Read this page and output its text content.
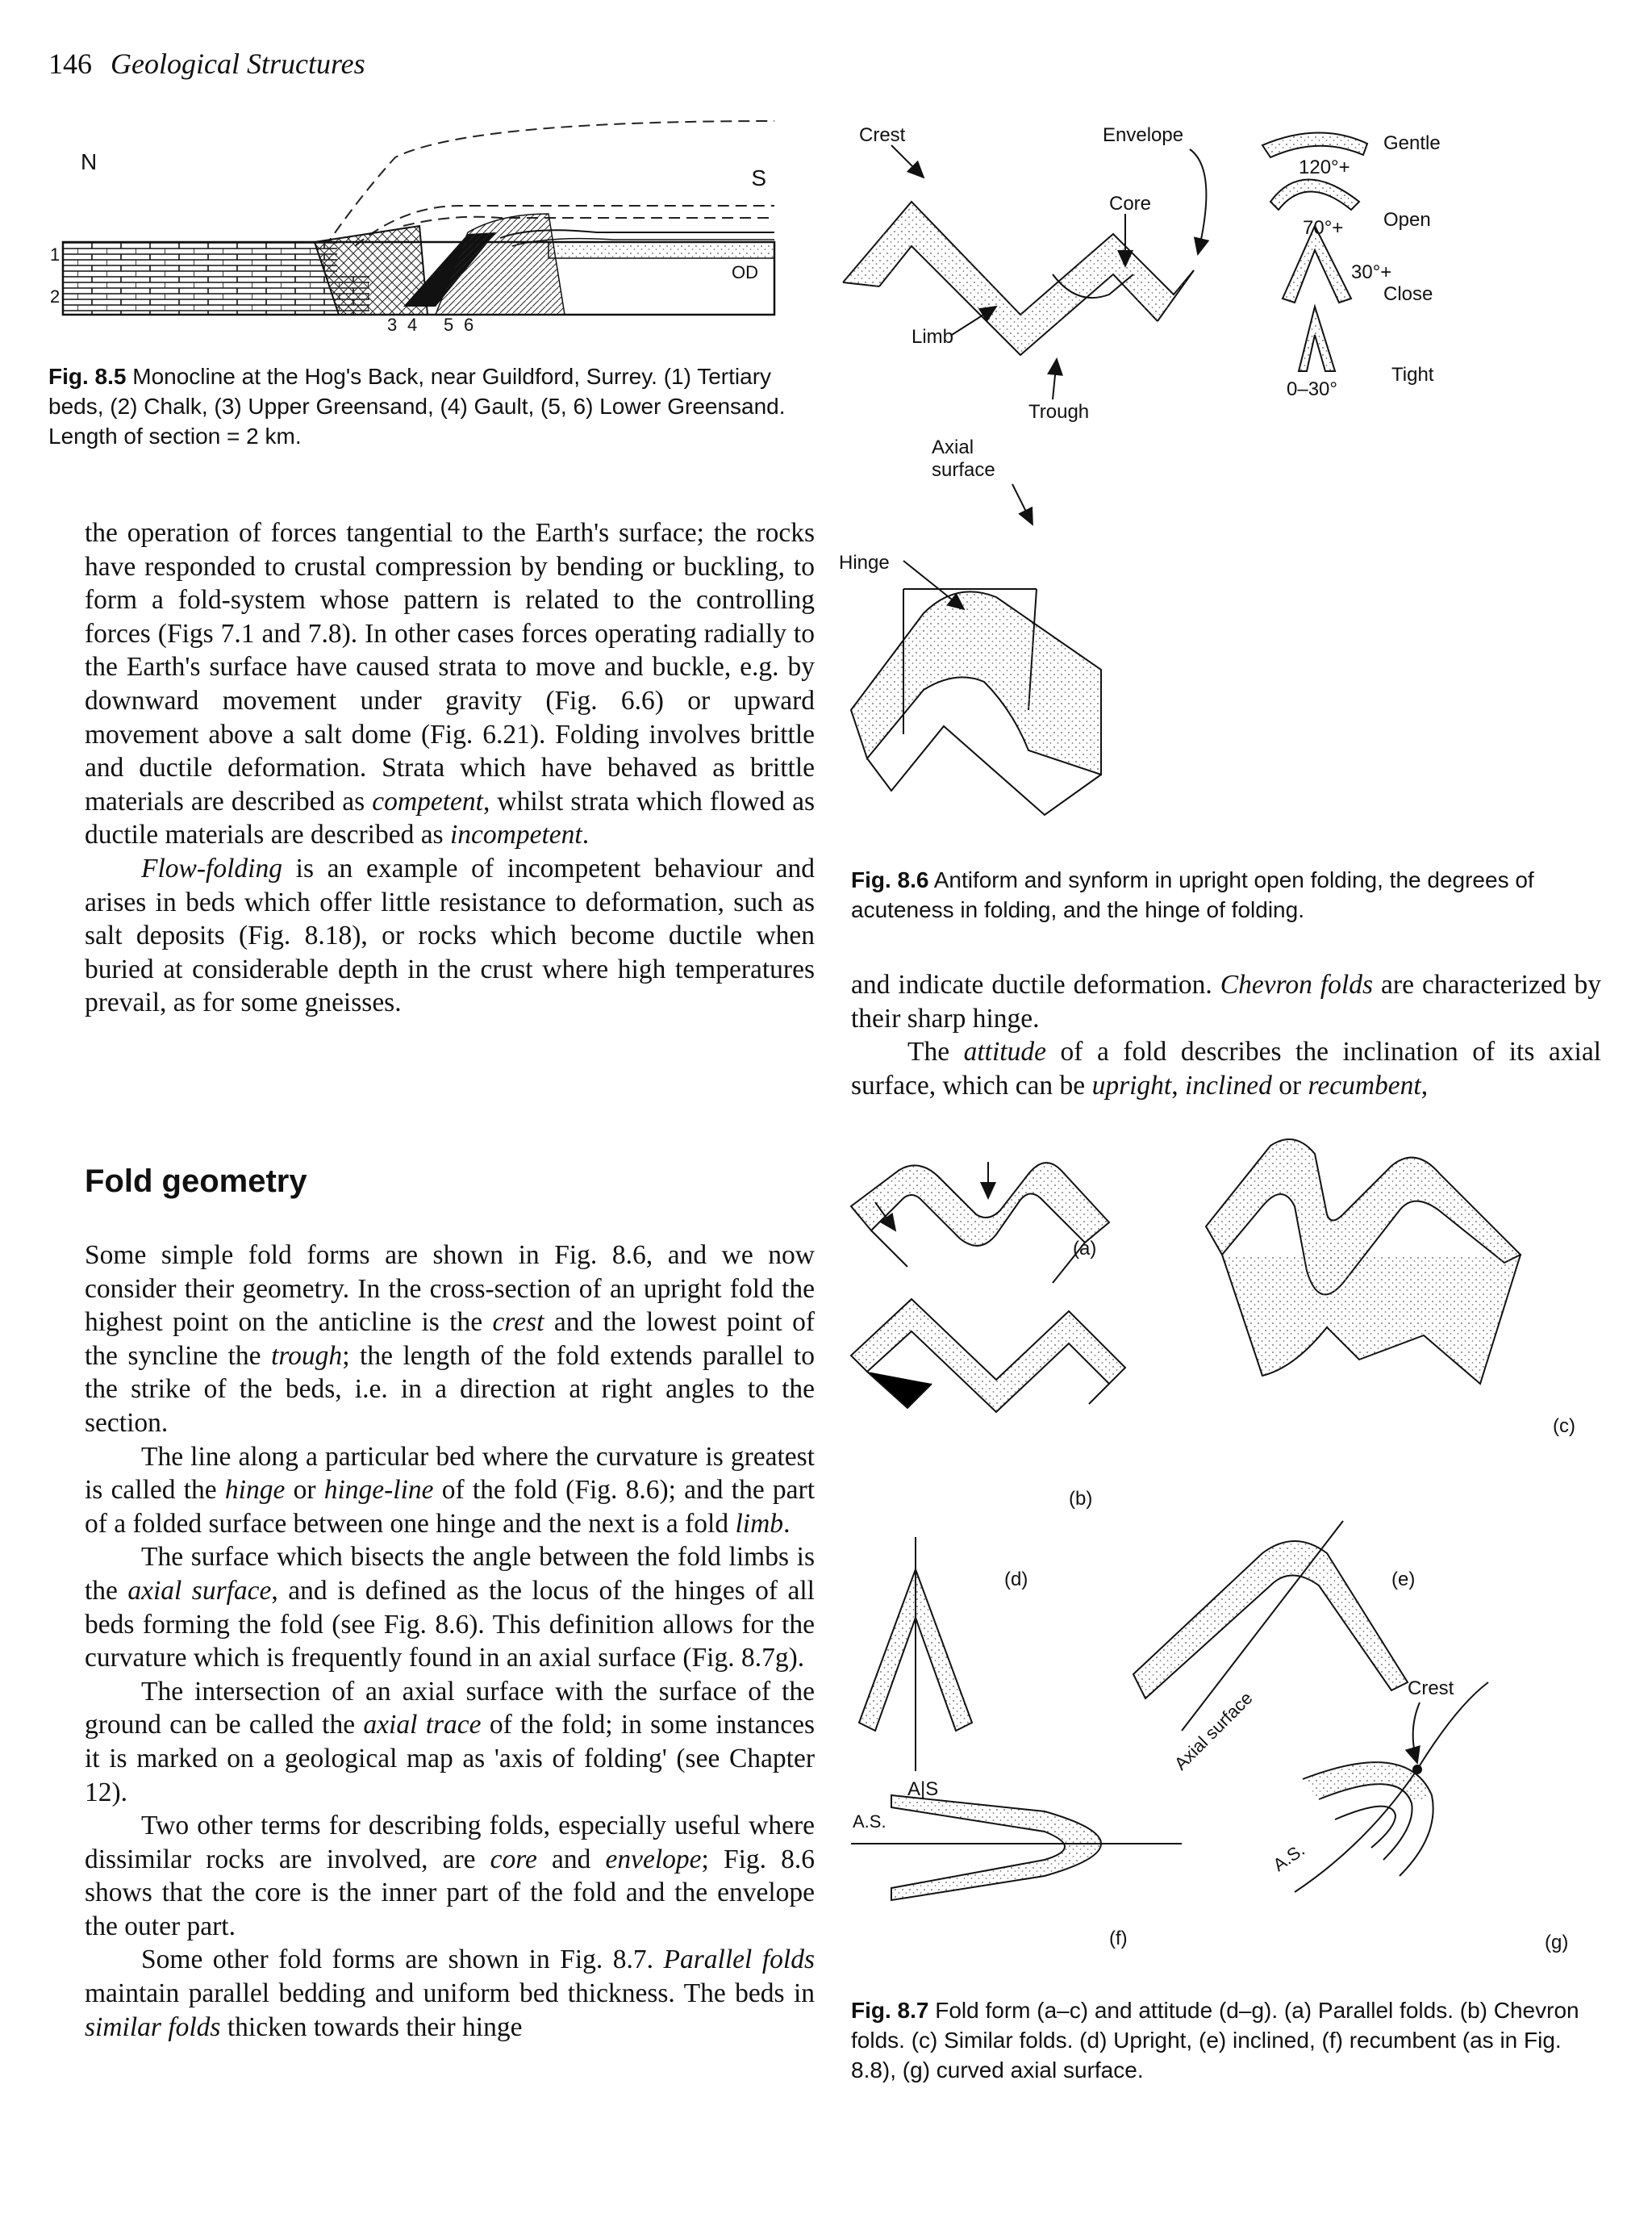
146 Geological Structures
N
S
OD
1
2
3 4 5 6
Fig. 8.5 Monocline at the Hog's Back, near Guildford, Surrey. (1) Tertiary beds, (2) Chalk, (3) Upper Greensand, (4) Gault, (5, 6) Lower Greensand. Length of section = 2 km.
Crest	Envelope
Core
Limb
Trough
Axial
surface
Hinge
120°+
Gentle
70°+ Open
30°+
Close
0–30°
Tight
Fig. 8.6 Antiform and synform in upright open folding, the degrees of acuteness in folding, and the hinge of folding.

the operation of forces tangential to the Earth's surface; the rocks have responded to crustal compression by bending or buckling, to form a fold-system whose pattern is related to the controlling forces (Figs 7.1 and 7.8). In other cases forces operating radially to the Earth's surface have caused strata to move and buckle, e.g. by downward movement under gravity (Fig. 6.6) or upward movement above a salt dome (Fig. 6.21). Folding involves brittle and ductile deformation. Strata which have behaved as brittle materials are described as competent, whilst strata which flowed as ductile materials are described as incompetent.

Flow-folding is an example of incompetent behaviour and arises in beds which offer little resistance to deformation, such as salt deposits (Fig. 8.18), or rocks which become ductile when buried at considerable depth in the crust where high temperatures prevail, as for some gneisses.

Fold geometry

Some simple fold forms are shown in Fig. 8.6, and we now consider their geometry. In the cross-section of an upright fold the highest point on the anticline is the crest and the lowest point of the syncline the trough; the length of the fold extends parallel to the strike of the beds, i.e. in a direction at right angles to the section.

The line along a particular bed where the curvature is greatest is called the hinge or hinge-line of the fold (Fig. 8.6); and the part of a folded surface between one hinge and the next is a fold limb.

The surface which bisects the angle between the fold limbs is the axial surface, and is defined as the locus of the hinges of all beds forming the fold (see Fig. 8.6). This definition allows for the curvature which is frequently found in an axial surface (Fig. 8.7g).

The intersection of an axial surface with the surface of the ground can be called the axial trace of the fold; in some instances it is marked on a geological map as 'axis of folding' (see Chapter 12).

Two other terms for describing folds, especially useful where dissimilar rocks are involved, are core and envelope; Fig. 8.6 shows that the core is the inner part of the fold and the envelope the outer part.

Some other fold forms are shown in Fig. 8.7. Parallel folds maintain parallel bedding and uniform bed thickness. The beds in similar folds thicken towards their hinge

and indicate ductile deformation. Chevron folds are characterized by their sharp hinge.

The attitude of a fold describes the inclination of its axial surface, which can be upright, inclined or recumbent,

(a)
(b)
(c)
A|S
(d)
Axial surface
(e)
A.S.
(f)
Crest
A.S.
(g)
Fig. 8.7 Fold form (a–c) and attitude (d–g). (a) Parallel folds. (b) Chevron folds. (c) Similar folds. (d) Upright, (e) inclined, (f) recumbent (as in Fig. 8.8), (g) curved axial surface.
